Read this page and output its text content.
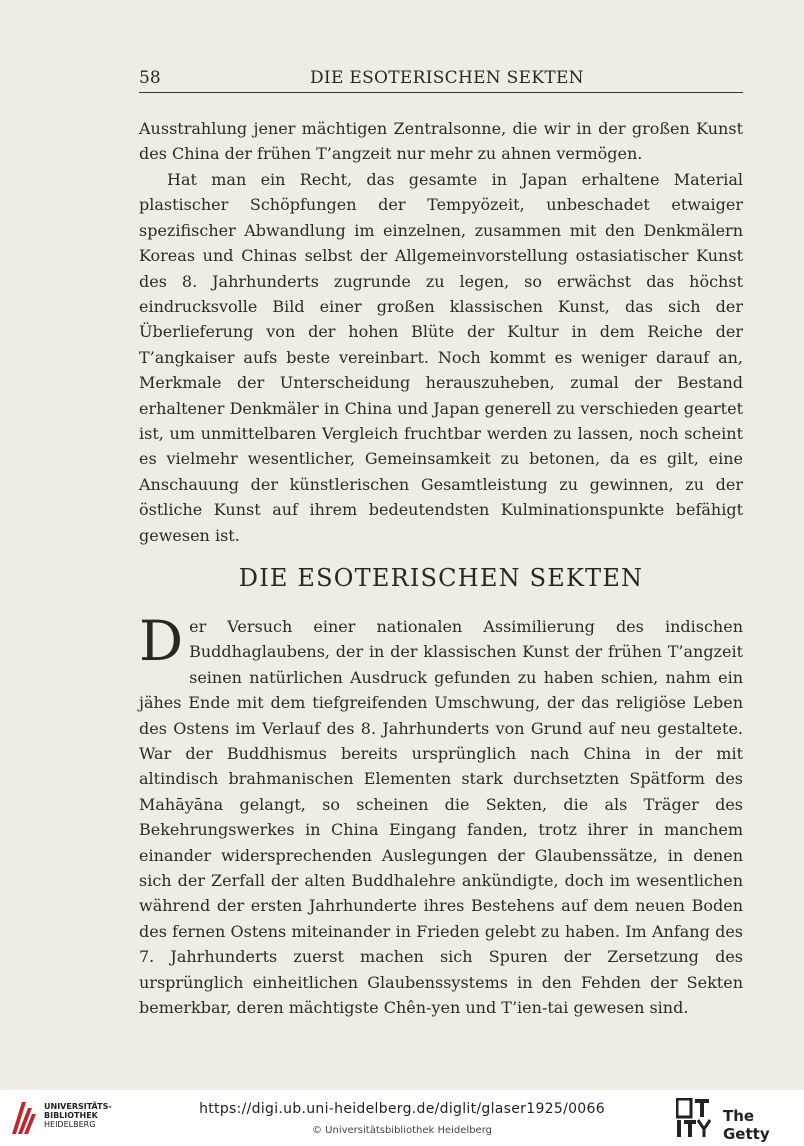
58	DIE ESOTERISCHEN SEKTEN

Ausstrahlung jener mächtigen Zentralsonne, die wir in der großen Kunst des China der frühen T’angzeit nur mehr zu ahnen vermögen.

Hat man ein Recht, das gesamte in Japan erhaltene Material plastischer Schöpfungen der Tempyözeit, unbeschadet etwaiger spezifischer Abwandlung im einzelnen, zusammen mit den Denkmälern Koreas und Chinas selbst der Allgemeinvorstellung ostasiatischer Kunst des 8. Jahrhunderts zugrunde zu legen, so erwächst das höchst eindrucksvolle Bild einer großen klassischen Kunst, das sich der Überlieferung von der hohen Blüte der Kultur in dem Reiche der T’angkaiser aufs beste vereinbart. Noch kommt es weniger darauf an, Merkmale der Unterscheidung herauszuheben, zumal der Bestand erhaltener Denkmäler in China und Japan generell zu verschieden geartet ist, um unmittelbaren Vergleich fruchtbar werden zu lassen, noch scheint es vielmehr wesentlicher, Gemeinsamkeit zu betonen, da es gilt, eine Anschauung der künstlerischen Gesamtleistung zu gewinnen, zu der östliche Kunst auf ihrem bedeutendsten Kulminationspunkte befähigt gewesen ist.

DIE ESOTERISCHEN SEKTEN

Der Versuch einer nationalen Assimilierung des indischen Buddhaglaubens, der in der klassischen Kunst der frühen T’angzeit seinen natürlichen Ausdruck gefunden zu haben schien, nahm ein jähes Ende mit dem tiefgreifenden Umschwung, der das religiöse Leben des Ostens im Verlauf des 8. Jahrhunderts von Grund auf neu gestaltete. War der Buddhismus bereits ursprünglich nach China in der mit altindisch brahmanischen Elementen stark durchsetzten Spätform des Mahāyāna gelangt, so scheinen die Sekten, die als Träger des Bekehrungswerkes in China Eingang fanden, trotz ihrer in manchem einander widersprechenden Auslegungen der Glaubenssätze, in denen sich der Zerfall der alten Buddhalehre ankündigte, doch im wesentlichen während der ersten Jahrhunderte ihres Bestehens auf dem neuen Boden des fernen Ostens miteinander in Frieden gelebt zu haben. Im Anfang des 7. Jahrhunderts zuerst machen sich Spuren der Zersetzung des ursprünglich einheitlichen Glaubenssystems in den Fehden der Sekten bemerkbar, deren mächtigste Chên-yen und T’ien-tai gewesen sind.

UNIVERSITÄTS-
BIBLIOTHEK
HEIDELBERG
https://digi.ub.uni-heidelberg.de/diglit/glaser1925/0066
© Universitätsbibliothek Heidelberg
The Getty
